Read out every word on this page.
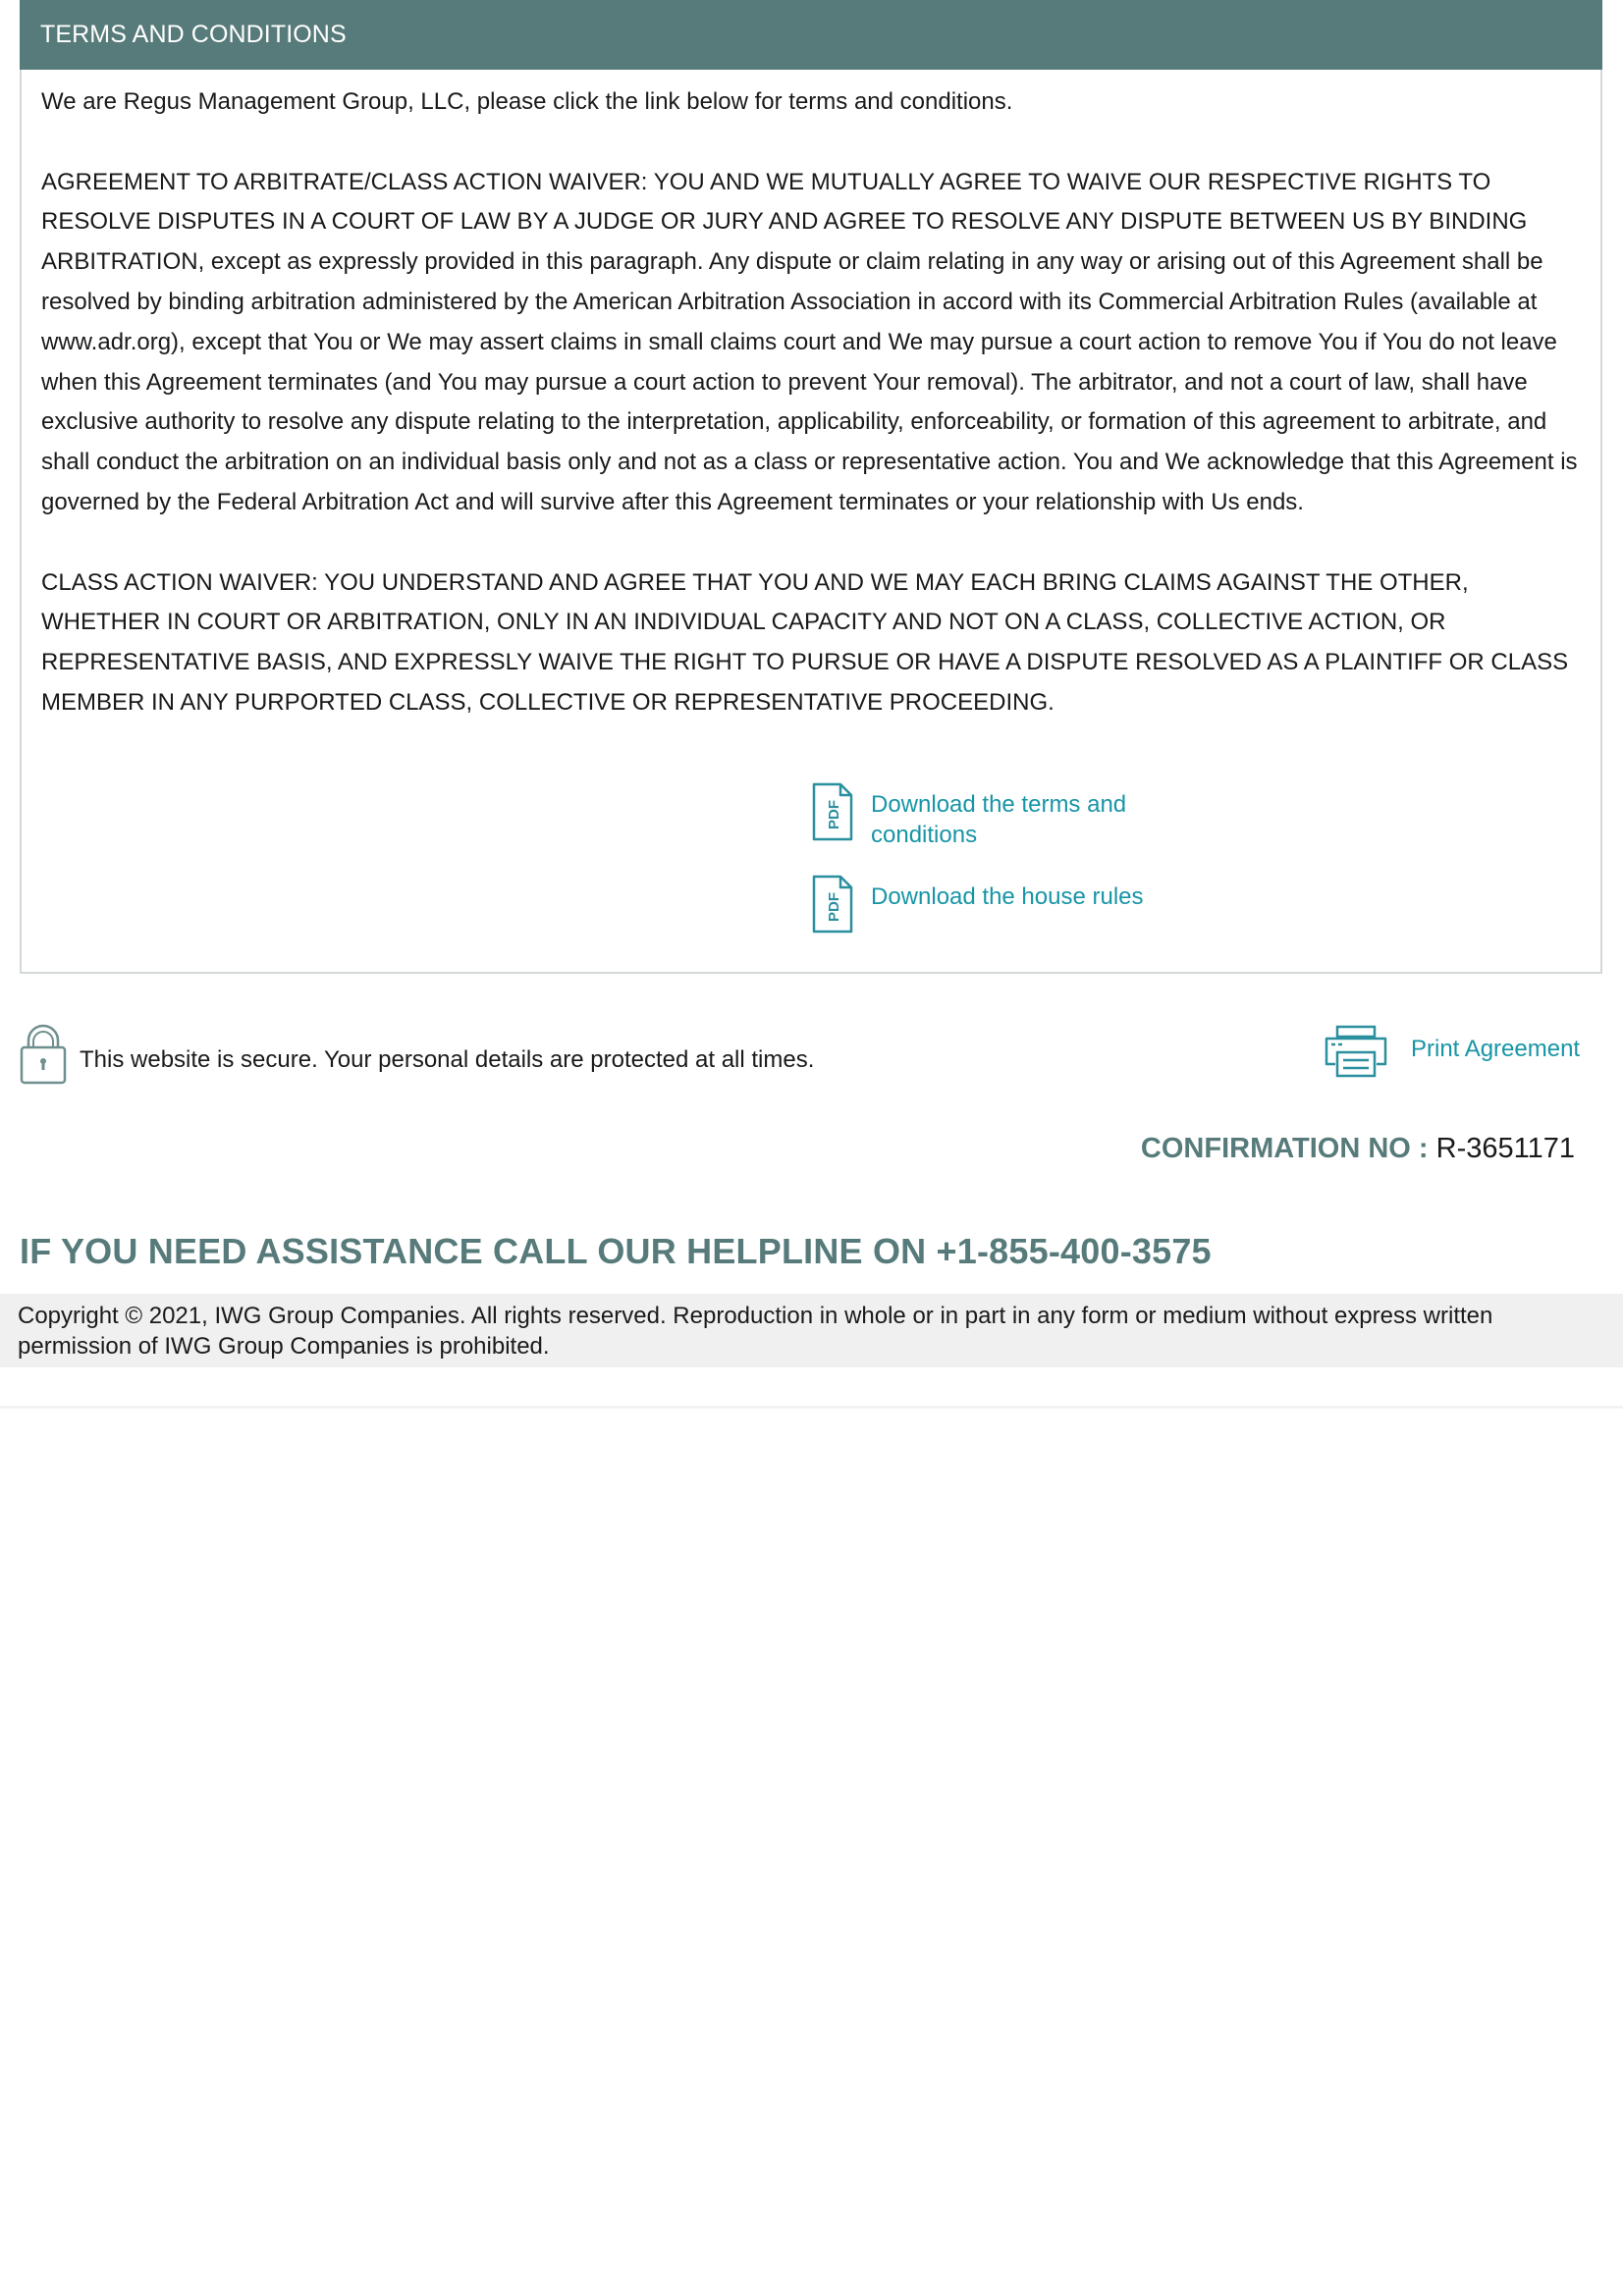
TERMS AND CONDITIONS

We are Regus Management Group, LLC, please click the link below for terms and conditions.

AGREEMENT TO ARBITRATE/CLASS ACTION WAIVER: YOU AND WE MUTUALLY AGREE TO WAIVE OUR RESPECTIVE RIGHTS TO RESOLVE DISPUTES IN A COURT OF LAW BY A JUDGE OR JURY AND AGREE TO RESOLVE ANY DISPUTE BETWEEN US BY BINDING ARBITRATION, except as expressly provided in this paragraph. Any dispute or claim relating in any way or arising out of this Agreement shall be resolved by binding arbitration administered by the American Arbitration Association in accord with its Commercial Arbitration Rules (available at www.adr.org), except that You or We may assert claims in small claims court and We may pursue a court action to remove You if You do not leave when this Agreement terminates (and You may pursue a court action to prevent Your removal). The arbitrator, and not a court of law, shall have exclusive authority to resolve any dispute relating to the interpretation, applicability, enforceability, or formation of this agreement to arbitrate, and shall conduct the arbitration on an individual basis only and not as a class or representative action. You and We acknowledge that this Agreement is governed by the Federal Arbitration Act and will survive after this Agreement terminates or your relationship with Us ends.

CLASS ACTION WAIVER: YOU UNDERSTAND AND AGREE THAT YOU AND WE MAY EACH BRING CLAIMS AGAINST THE OTHER, WHETHER IN COURT OR ARBITRATION, ONLY IN AN INDIVIDUAL CAPACITY AND NOT ON A CLASS, COLLECTIVE ACTION, OR REPRESENTATIVE BASIS, AND EXPRESSLY WAIVE THE RIGHT TO PURSUE OR HAVE A DISPUTE RESOLVED AS A PLAINTIFF OR CLASS MEMBER IN ANY PURPORTED CLASS, COLLECTIVE OR REPRESENTATIVE PROCEEDING.

PDF Download the terms and conditions
PDF Download the house rules
This website is secure. Your personal details are protected at all times.	Print Agreement
CONFIRMATION NO : R-3651171
IF YOU NEED ASSISTANCE CALL OUR HELPLINE ON +1-855-400-3575
Copyright © 2021, IWG Group Companies. All rights reserved. Reproduction in whole or in part in any form or medium without express written permission of IWG Group Companies is prohibited.
